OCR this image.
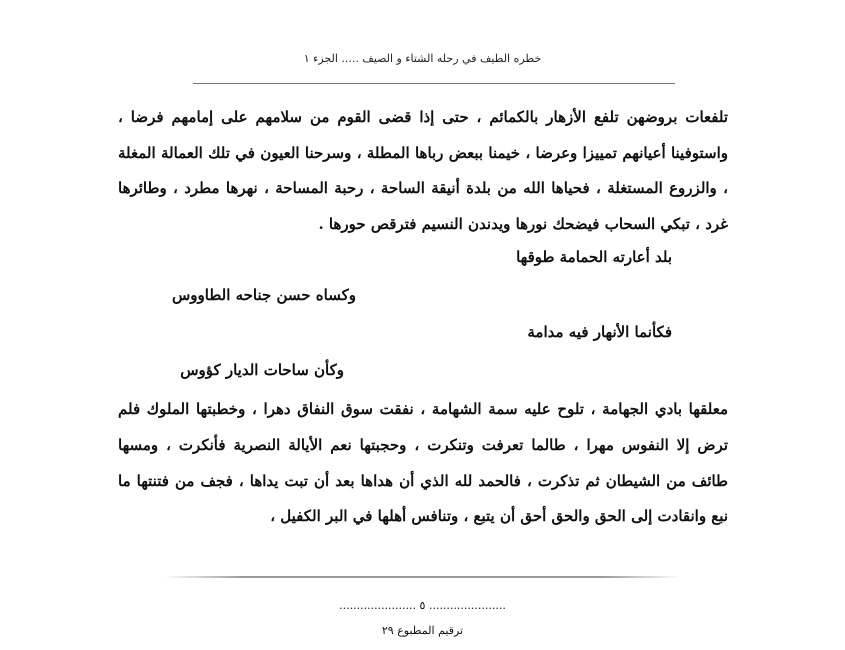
خطره الطيف في رحله الشتاء و الصيف ..... الجزء ١

تلفعات بروضهن تلفع الأزهار بالكمائم ، حتى إذا قضى القوم من سلامهم على إمامهم فرضا ، واستوفينا أعيانهم تمييزا وعرضا ، خيمنا ببعض رباها المطلة ، وسرحنا العيون في تلك العمالة المغلة ، والزروع المستغلة ، فحياها الله من بلدة أنيقة الساحة ، رحبة المساحة ، نهرها مطرد ، وطائرها غرد ، تبكي السحاب فيضحك نورها ويدندن النسيم فترقص حورها .

بلد أعارته الحمامة طوقها
وكساه حسن جناحه الطاووس
فكأنما الأنهار فيه مدامة
وكأن ساحات الديار كؤوس

معلقها بادي الجهامة ، تلوح عليه سمة الشهامة ، نفقت سوق النفاق دهرا ، وخطبتها الملوك فلم ترض إلا النفوس مهرا ، طالما تعرفت وتنكرت ، وحجبتها نعم الأيالة النصرية فأنكرت ، ومسها طائف من الشيطان ثم تذكرت ، فالحمد لله الذي أن هداها بعد أن تبت يداها ، فجف من فتنتها ما نبع وانقادت إلى الحق والحق أحق أن يتبع ، وتنافس أهلها في البر الكفيل ،

...................... ٥ ......................
ترقيم المطبوع ٢٩
